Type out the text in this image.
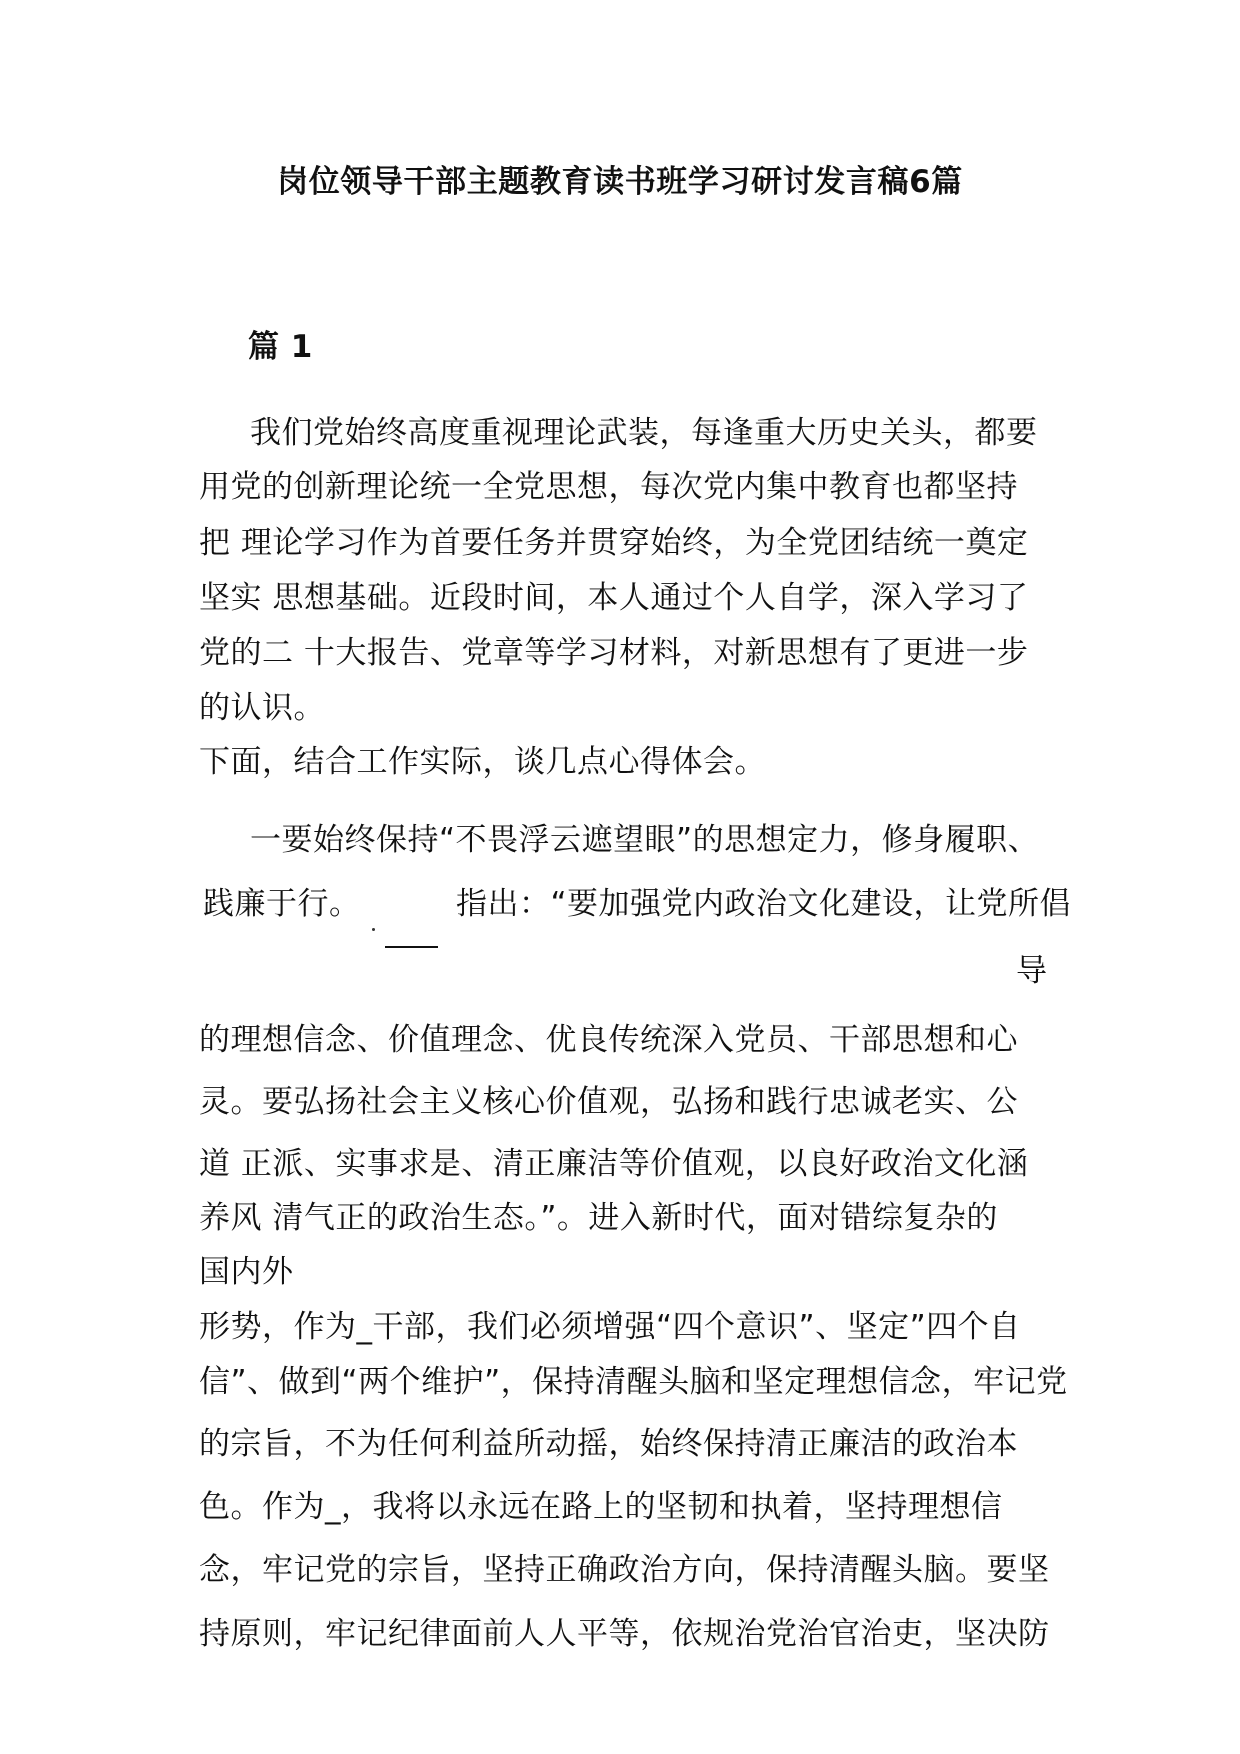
岗位领导干部主题教育读书班学习研讨发言稿6篇
篇 1
我们党始终高度重视理论武装，每逢重大历史关头，都要
用党的创新理论统一全党思想，每次党内集中教育也都坚持
把 理论学习作为首要任务并贯穿始终，为全党团结统一奠定
坚实 思想基础。近段时间，本人通过个人自学，深入学习了
党的二 十大报告、党章等学习材料，对新思想有了更进一步
的认识。
下面，结合工作实际，谈几点心得体会。
一要始终保持“不畏浮云遮望眼”的思想定力，修身履职、
践廉于行。	指出：“要加强党内政治文化建设，让党所倡
导
的理想信念、价值理念、优良传统深入党员、干部思想和心
灵。要弘扬社会主义核心价值观，弘扬和践行忠诚老实、公
道 正派、实事求是、清正廉洁等价值观，以良好政治文化涵
养风 清气正的政治生态。”。进入新时代，面对错综复杂的
国内外
形势，作为_干部，我们必须增强“四个意识”、坚定”四个自
信”、做到“两个维护”，保持清醒头脑和坚定理想信念，牢记党
的宗旨，不为任何利益所动摇，始终保持清正廉洁的政治本
色。作为_，我将以永远在路上的坚韧和执着，坚持理想信
念，牢记党的宗旨，坚持正确政治方向，保持清醒头脑。要坚
持原则，牢记纪律面前人人平等，依规治党治官治吏，坚决防
